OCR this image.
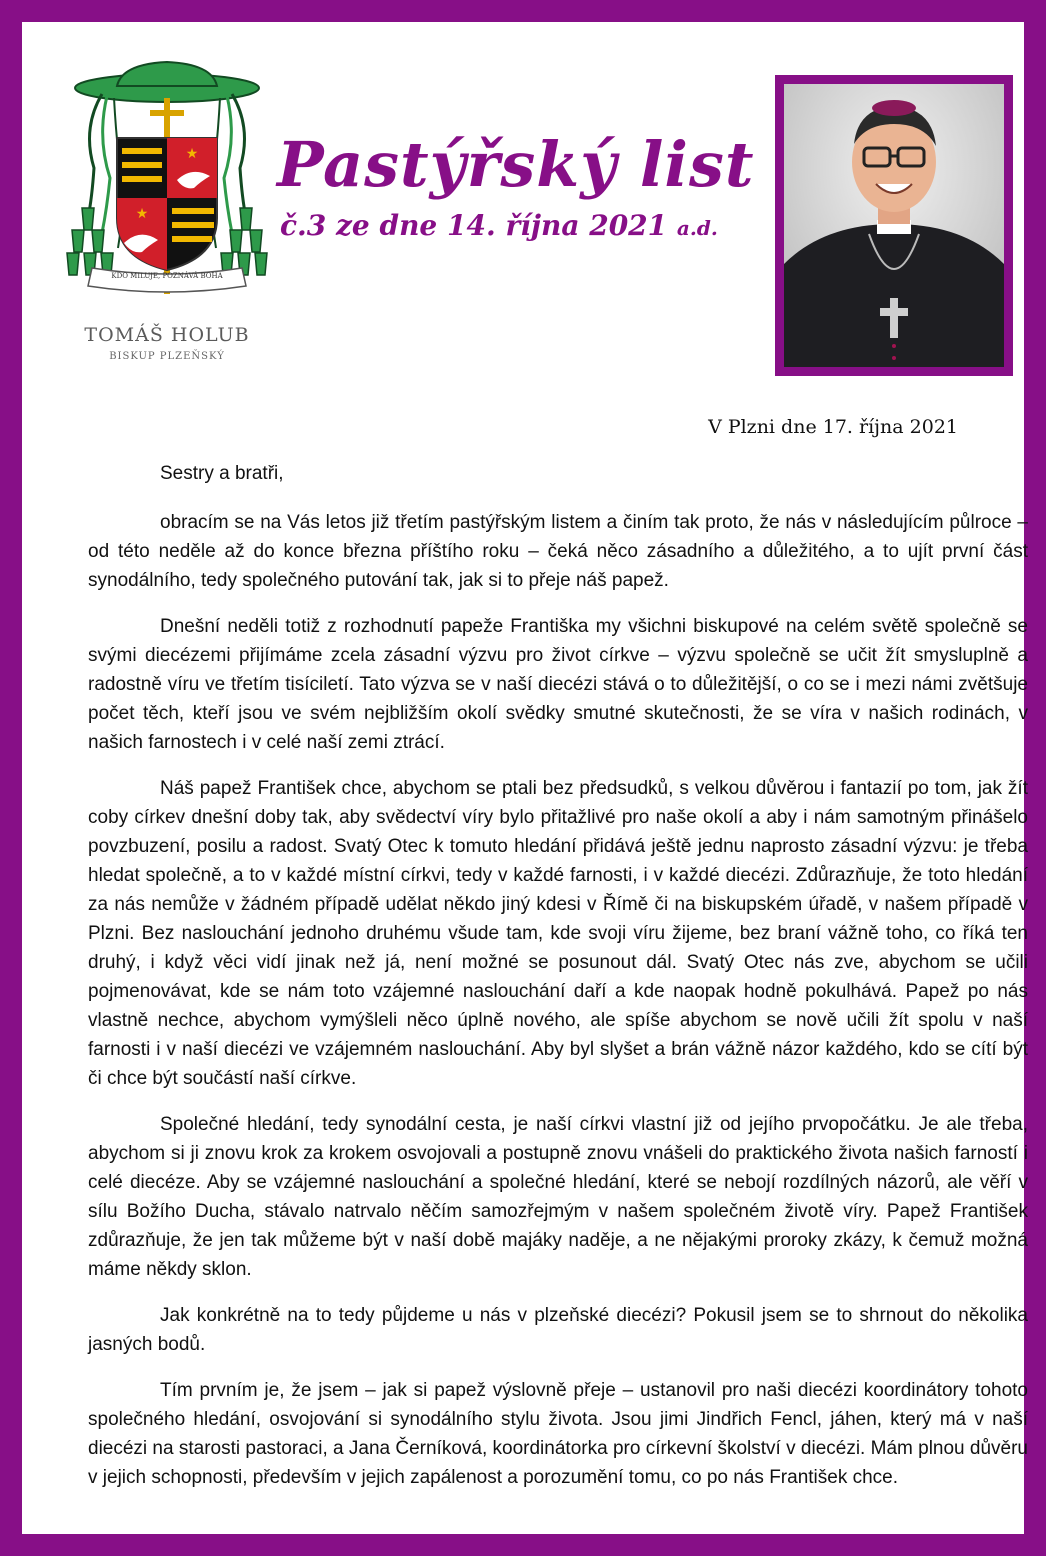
★
★
KDO MILUJE, POZNÁVÁ BOHA
TOMÁŠ HOLUB
BISKUP PLZEŇSKÝ
Pastýřský list
č.3 ze dne 14. října 2021 a.d.
V Plzni dne 17. října 2021
Sestry a bratři,

obracím se na Vás letos již třetím pastýřským listem a činím tak proto, že nás v následujícím půlroce – od této neděle až do konce března příštího roku – čeká něco zásadního a důležitého, a to ujít první část synodálního, tedy společného putování tak, jak si to přeje náš papež.

Dnešní neděli totiž z rozhodnutí papeže Františka my všichni biskupové na celém světě společně se svými diecézemi přijímáme zcela zásadní výzvu pro život církve – výzvu společně se učit žít smysluplně a radostně víru ve třetím tisíciletí. Tato výzva se v naší diecézi stává o to důležitější, o co se i mezi námi zvětšuje počet těch, kteří jsou ve svém nejbližším okolí svědky smutné skutečnosti, že se víra v našich rodinách, v našich farnostech i v celé naší zemi ztrácí.

Náš papež František chce, abychom se ptali bez předsudků, s velkou důvěrou i fantazií po tom, jak žít coby církev dnešní doby tak, aby svědectví víry bylo přitažlivé pro naše okolí a aby i nám samotným přinášelo povzbuzení, posilu a radost. Svatý Otec k tomuto hledání přidává ještě jednu naprosto zásadní výzvu: je třeba hledat společně, a to v každé místní církvi, tedy v každé farnosti, i v každé diecézi. Zdůrazňuje, že toto hledání za nás nemůže v žádném případě udělat někdo jiný kdesi v Římě či na biskupském úřadě, v našem případě v Plzni. Bez naslouchání jednoho druhému všude tam, kde svoji víru žijeme, bez braní vážně toho, co říká ten druhý, i když věci vidí jinak než já, není možné se posunout dál. Svatý Otec nás zve, abychom se učili pojmenovávat, kde se nám toto vzájemné naslouchání daří a kde naopak hodně pokulhává. Papež po nás vlastně nechce, abychom vymýšleli něco úplně nového, ale spíše abychom se nově učili žít spolu v naší farnosti i v naší diecézi ve vzájemném naslouchání. Aby byl slyšet a brán vážně názor každého, kdo se cítí být či chce být součástí naší církve.

Společné hledání, tedy synodální cesta, je naší církvi vlastní již od jejího prvopočátku. Je ale třeba, abychom si ji znovu krok za krokem osvojovali a postupně znovu vnášeli do praktického života našich farností i celé diecéze. Aby se vzájemné naslouchání a společné hledání, které se nebojí rozdílných názorů, ale věří v sílu Božího Ducha, stávalo natrvalo něčím samozřejmým v našem společném životě víry. Papež František zdůrazňuje, že jen tak můžeme být v naší době majáky naděje, a ne nějakými proroky zkázy, k čemuž možná máme někdy sklon.

Jak konkrétně na to tedy půjdeme u nás v plzeňské diecézi? Pokusil jsem se to shrnout do několika jasných bodů.

Tím prvním je, že jsem – jak si papež výslovně přeje – ustanovil pro naši diecézi koordinátory tohoto společného hledání, osvojování si synodálního stylu života. Jsou jimi Jindřich Fencl, jáhen, který má v naší diecézi na starosti pastoraci, a Jana Černíková, koordinátorka pro církevní školství v diecézi. Mám plnou důvěru v jejich schopnosti, především v jejich zapálenost a porozumění tomu, co po nás František chce.
